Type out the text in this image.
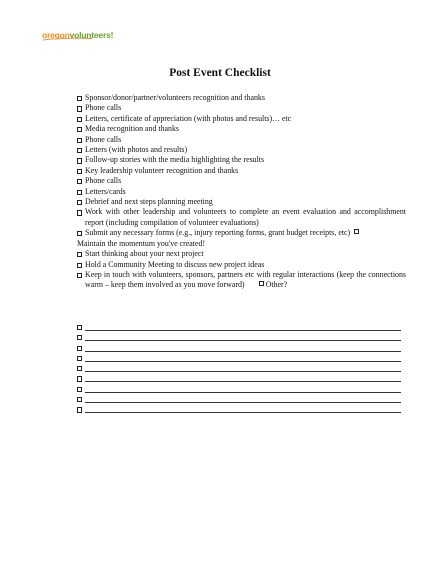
oregonvolunteers!
Post Event Checklist
Sponsor/donor/partner/volunteers recognition and thanks
Phone calls
Letters, certificate of appreciation (with photos and results)… etc
Media recognition and thanks
Phone calls
Letters (with photos and results)
Follow-up stories with the media highlighting the results
Key leadership volunteer recognition and thanks
Phone calls
Letters/cards
Debrief and next steps planning meeting
Work with other leadership and volunteers to complete an event evaluation and accomplishment report (including compilation of volunteer evaluations)
Submit any necessary forms (e.g., injury reporting forms, grant budget receipts, etc)
Maintain the momentum you've created!
Start thinking about your next project
Hold a Community Meeting to discuss new project ideas
Keep in touch with volunteers, sponsors, partners etc with regular interactions (keep the connections warm – keep them involved as you move forward)	Other?
